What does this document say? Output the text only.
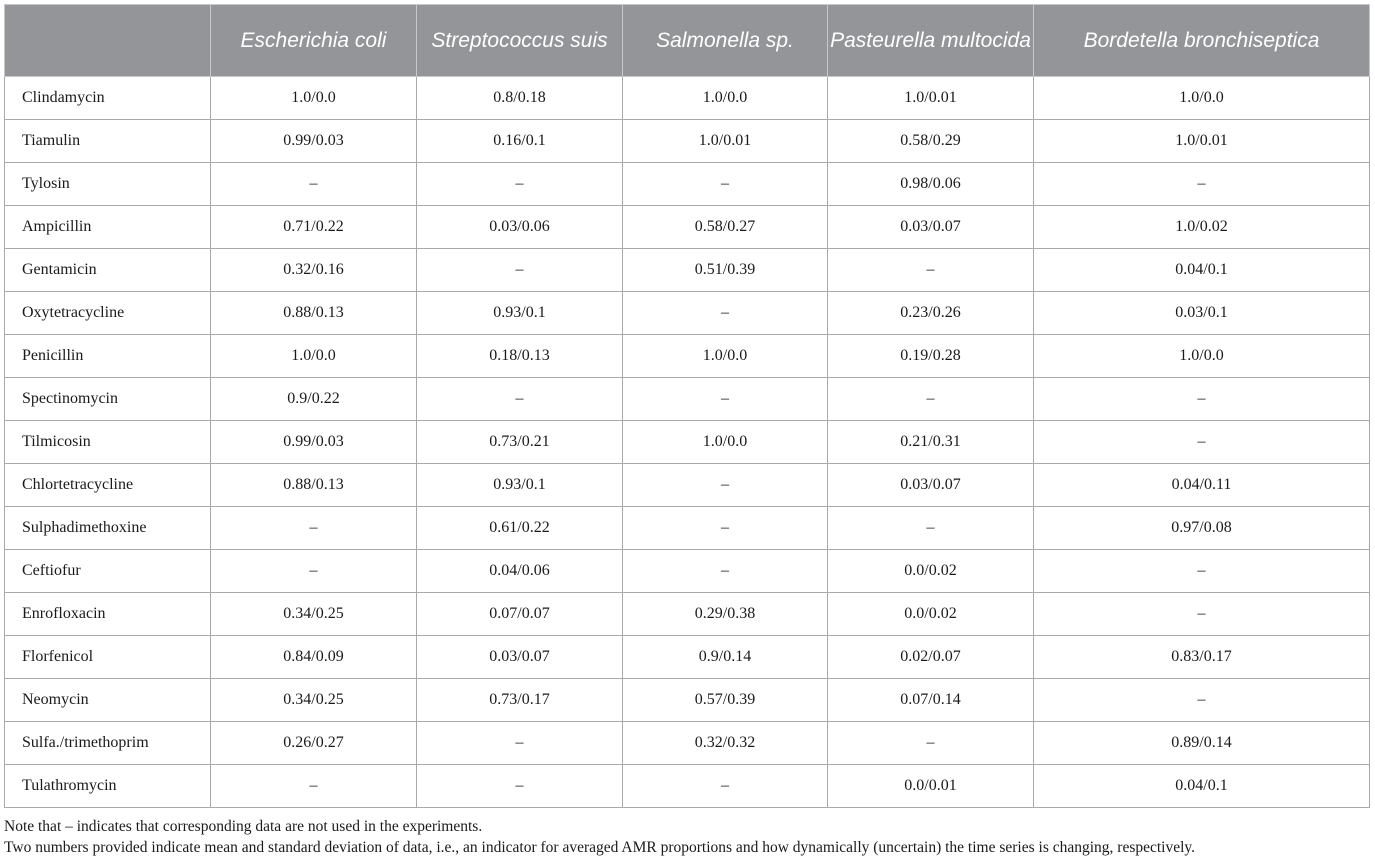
	Escherichia coli	Streptococcus suis	Salmonella sp.	Pasteurella multocida	Bordetella bronchiseptica
Clindamycin	1.0/0.0	0.8/0.18	1.0/0.0	1.0/0.01	1.0/0.0
Tiamulin	0.99/0.03	0.16/0.1	1.0/0.01	0.58/0.29	1.0/0.01
Tylosin	–	–	–	0.98/0.06	–
Ampicillin	0.71/0.22	0.03/0.06	0.58/0.27	0.03/0.07	1.0/0.02
Gentamicin	0.32/0.16	–	0.51/0.39	–	0.04/0.1
Oxytetracycline	0.88/0.13	0.93/0.1	–	0.23/0.26	0.03/0.1
Penicillin	1.0/0.0	0.18/0.13	1.0/0.0	0.19/0.28	1.0/0.0
Spectinomycin	0.9/0.22	–	–	–	–
Tilmicosin	0.99/0.03	0.73/0.21	1.0/0.0	0.21/0.31	–
Chlortetracycline	0.88/0.13	0.93/0.1	–	0.03/0.07	0.04/0.11
Sulphadimethoxine	–	0.61/0.22	–	–	0.97/0.08
Ceftiofur	–	0.04/0.06	–	0.0/0.02	–
Enrofloxacin	0.34/0.25	0.07/0.07	0.29/0.38	0.0/0.02	–
Florfenicol	0.84/0.09	0.03/0.07	0.9/0.14	0.02/0.07	0.83/0.17
Neomycin	0.34/0.25	0.73/0.17	0.57/0.39	0.07/0.14	–
Sulfa./trimethoprim	0.26/0.27	–	0.32/0.32	–	0.89/0.14
Tulathromycin	–	–	–	0.0/0.01	0.04/0.1

Note that – indicates that corresponding data are not used in the experiments.

Two numbers provided indicate mean and standard deviation of data, i.e., an indicator for averaged AMR proportions and how dynamically (uncertain) the time series is changing, respectively.
